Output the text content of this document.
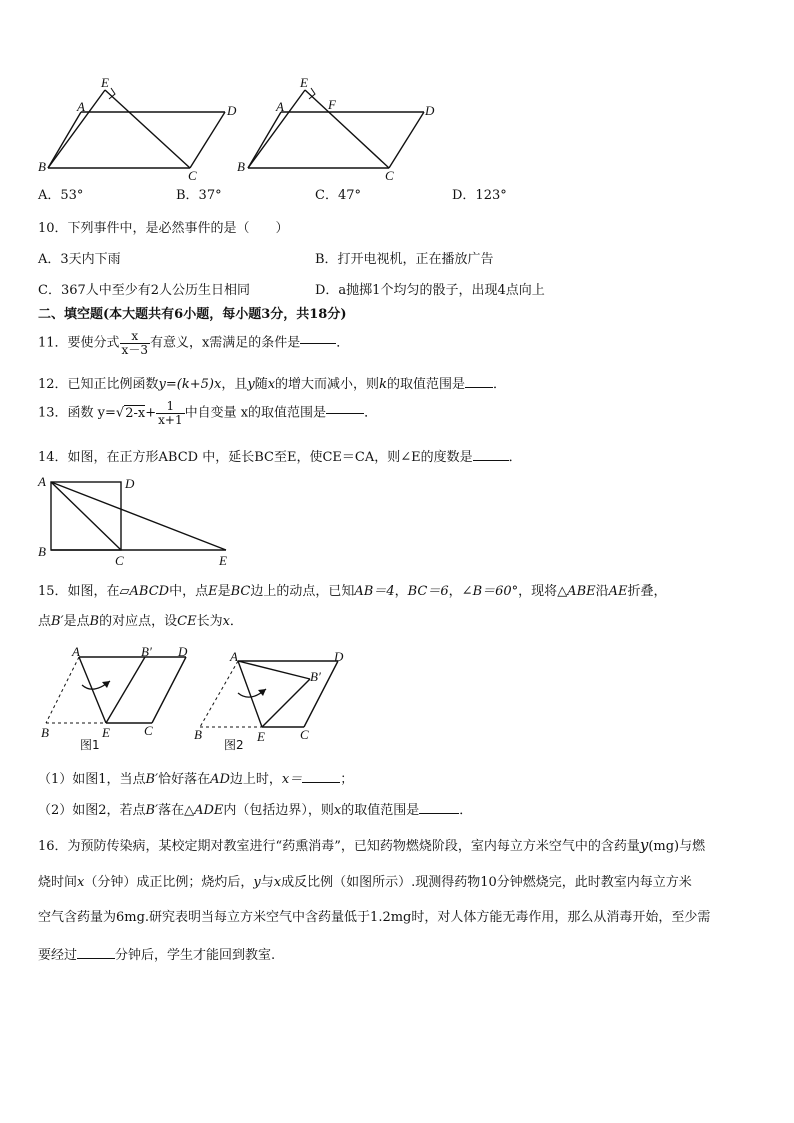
E
A	D
B
C
E
A	F	D
B
C
A．53°	B．37°	C．47°	D．123°
10．下列事件中，是必然事件的是（　　）
A．3天内下雨	B．打开电视机，正在播放广告
C．367人中至少有2人公历生日相同	D．a抛掷1个均匀的骰子，出现4点向上
二、填空题(本大题共有6小题，每小题3分，共18分)
11．要使分式 $\frac{x}{x-3}$ 有意义，x需满足的条件是	．
12．已知正比例函数y=(k+5)x，且y随x的增大而减小，则k的取值范围是 ．
13．函数 $y=√2-x+ \frac{1}{x+1}$ 中自变量 x的取值范围是	．
14．如图，在正方形ABCD 中，延长BC至E，使CE＝CA，则∠E的度数是	．
A	D
B
C	E
15．如图，在▱ABCD中，点E是BC边上的动点，已知AB＝4，BC＝6，∠B＝60°，现将△ABE沿AE折叠，
点B′是点B的对应点，设CE长为x．
A	B′ D
B	E	C
图1
A
B′
D
B	E	C
图2
（1）如图1，当点B′恰好落在AD边上时，x＝	；
（2）如图2，若点B′落在△ADE内（包括边界），则x的取值范围是	．
16．为预防传染病，某校定期对教室进行“药熏消毒”，已知药物燃烧阶段，室内每立方米空气中的含药量y(mg)与燃
烧时间x（分钟）成正比例；烧灼后，y与x成反比例（如图所示）.现测得药物10分钟燃烧完，此时教室内每立方米
空气含药量为6mg.研究表明当每立方米空气中含药量低于1.2mg时，对人体方能无毒作用，那么从消毒开始，至少需
要经过	分钟后，学生才能回到教室.
